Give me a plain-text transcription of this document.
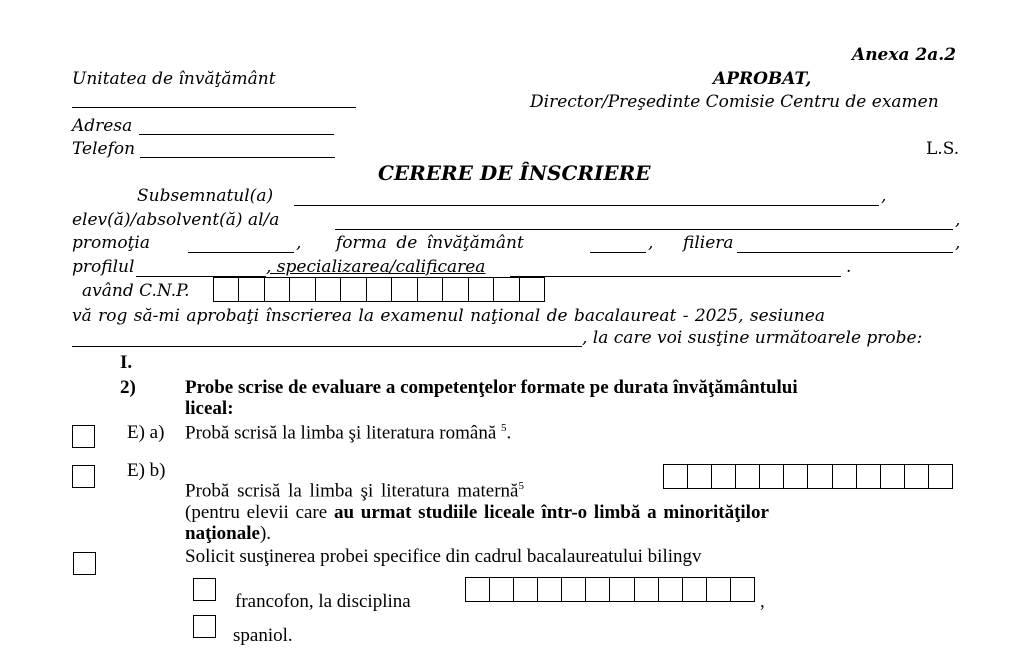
Anexa 2a.2
Unitatea de învăţământ	APROBAT,
Director/Preşedinte Comisie Centru de examen
Adresa
Telefon	L.S.
CERERE DE ÎNSCRIERE
Subsemnatul(a)	,
elev(ă)/absolvent(ă) al/a	,
promoţia	, forma de învăţământ	, filiera	,
profilul	, specializarea/calificarea	.
având C.N.P.
vă rog să-mi aprobaţi înscrierea la examenul naţional de bacalaureat - 2025, sesiunea
, la care voi susţine următoarele probe:
I.
2)	Probe scrise de evaluare a competenţelor formate pe durata învăţământului
liceal:
E) a) Probă scrisă la limba şi literatura română $^5$.
E) b)
Probă scrisă la limba şi literatura maternă$^5$
(pentru elevii care au urmat studiile liceale într-o limbă a minorităţilor
naţionale).
Solicit susţinerea probei specifice din cadrul bacalaureatului bilingv
francofon, la disciplina	,
spaniol.
